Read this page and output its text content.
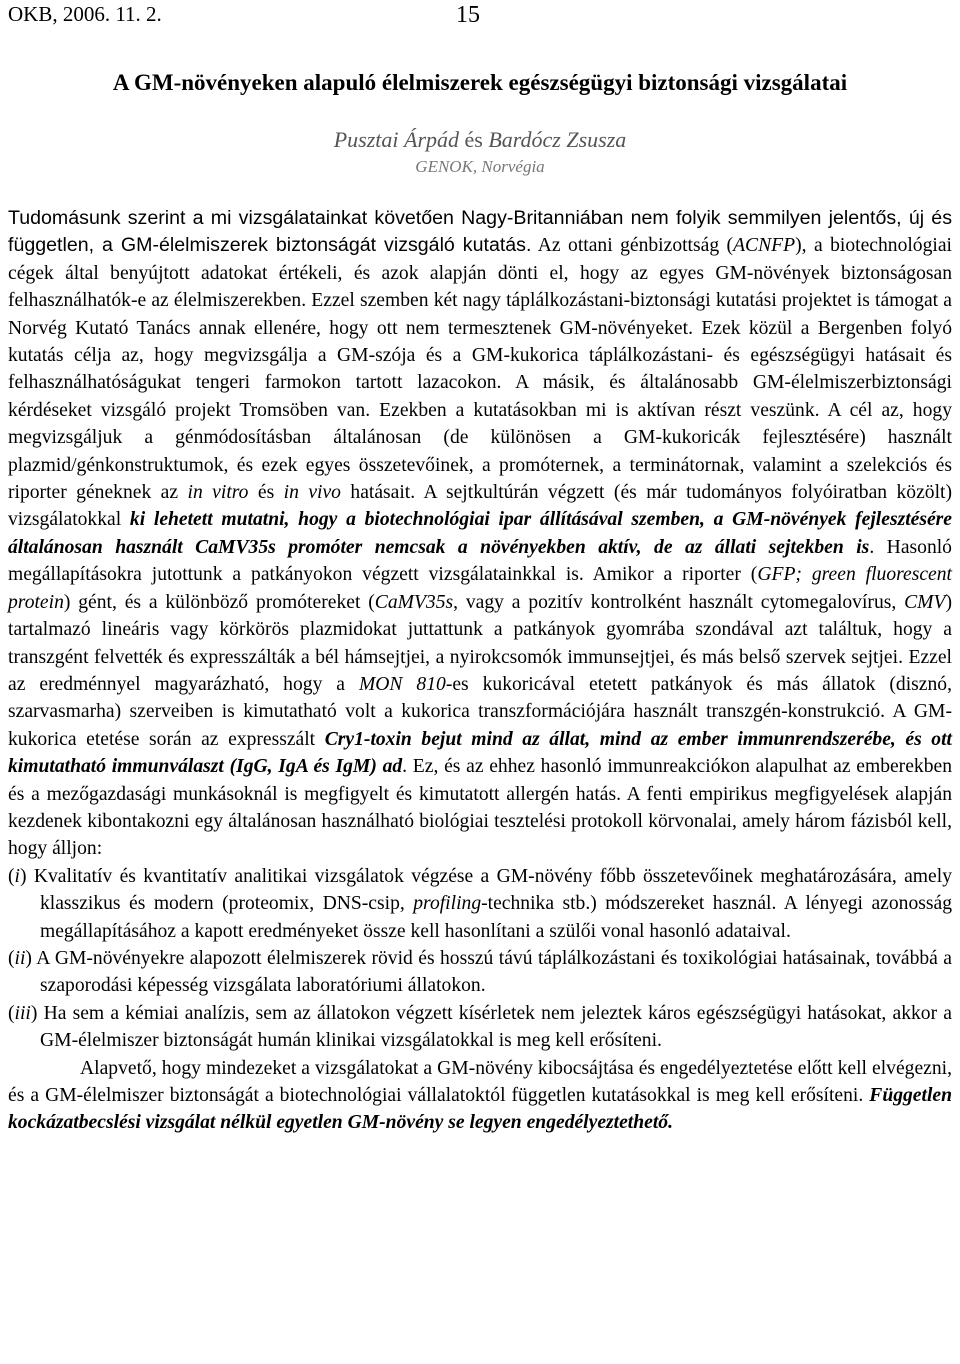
OKB, 2006. 11. 2.	15
A GM-növényeken alapuló élelmiszerek egészségügyi biztonsági vizsgálatai
Pusztai Árpád és Bardócz Zsusza
GENOK, Norvégia

Tudomásunk szerint a mi vizsgálatainkat követően Nagy-Britanniában nem folyik semmilyen jelentős, új és független, a GM-élelmiszerek biztonságát vizsgáló kutatás. Az ottani génbizottság (ACNFP), a biotechnológiai cégek által benyújtott adatokat értékeli, és azok alapján dönti el, hogy az egyes GM-növények biztonságosan felhasználhatók-e az élelmiszerekben. Ezzel szemben két nagy táplálkozástani-biztonsági kutatási projektet is támogat a Norvég Kutató Tanács annak ellenére, hogy ott nem termesztenek GM-növényeket. Ezek közül a Bergenben folyó kutatás célja az, hogy megvizsgálja a GM-szója és a GM-kukorica táplálkozástani- és egészségügyi hatásait és felhasználhatóságukat tengeri farmokon tartott lazacokon. A másik, és általánosabb GM-élelmiszerbiztonsági kérdéseket vizsgáló projekt Tromsöben van. Ezekben a kutatásokban mi is aktívan részt veszünk. A cél az, hogy megvizsgáljuk a génmódosításban általánosan (de különösen a GM-kukoricák fejlesztésére) használt plazmid/génkonstruktumok, és ezek egyes összetevőinek, a promóternek, a terminátornak, valamint a szelekciós és riporter géneknek az in vitro és in vivo hatásait. A sejtkultúrán végzett (és már tudományos folyóiratban közölt) vizsgálatokkal ki lehetett mutatni, hogy a biotechnológiai ipar állításával szemben, a GM-növények fejlesztésére általánosan használt CaMV35s promóter nemcsak a növényekben aktív, de az állati sejtekben is. Hasonló megállapításokra jutottunk a patkányokon végzett vizsgálatainkkal is. Amikor a riporter (GFP; green fluorescent protein) gént, és a különböző promótereket (CaMV35s, vagy a pozitív kontrolként használt cytomegalovírus, CMV) tartalmazó lineáris vagy körkörös plazmidokat juttattunk a patkányok gyomrába szondával azt találtuk, hogy a transzgént felvették és expresszálták a bél hámsejtjei, a nyirokcsomók immunsejtjei, és más belső szervek sejtjei. Ezzel az eredménnyel magyarázható, hogy a MON 810-es kukoricával etetett patkányok és más állatok (disznó, szarvasmarha) szerveiben is kimutatható volt a kukorica transzformációjára használt transzgén-konstrukció. A GM-kukorica etetése során az expresszált Cry1-toxin bejut mind az állat, mind az ember immunrendszerébe, és ott kimutatható immunválaszt (IgG, IgA és IgM) ad. Ez, és az ehhez hasonló immunreakciókon alapulhat az emberekben és a mezőgazdasági munkásoknál is megfigyelt és kimutatott allergén hatás. A fenti empirikus megfigyelések alapján kezdenek kibontakozni egy általánosan használható biológiai tesztelési protokoll körvonalai, amely három fázisból kell, hogy álljon:

(i) Kvalitatív és kvantitatív analitikai vizsgálatok végzése a GM-növény főbb összetevőinek meghatározására, amely klasszikus és modern (proteomix, DNS-csip, profiling-technika stb.) módszereket használ. A lényegi azonosság megállapításához a kapott eredményeket össze kell hasonlítani a szülői vonal hasonló adataival.

(ii) A GM-növényekre alapozott élelmiszerek rövid és hosszú távú táplálkozástani és toxikológiai hatásainak, továbbá a szaporodási képesség vizsgálata laboratóriumi állatokon.

(iii) Ha sem a kémiai analízis, sem az állatokon végzett kísérletek nem jeleztek káros egészségügyi hatásokat, akkor a GM-élelmiszer biztonságát humán klinikai vizsgálatokkal is meg kell erősíteni.

Alapvető, hogy mindezeket a vizsgálatokat a GM-növény kibocsájtása és engedélyeztetése előtt kell elvégezni, és a GM-élelmiszer biztonságát a biotechnológiai vállalatoktól független kutatásokkal is meg kell erősíteni. Független kockázatbecslési vizsgálat nélkül egyetlen GM-növény se legyen engedélyeztethető.
